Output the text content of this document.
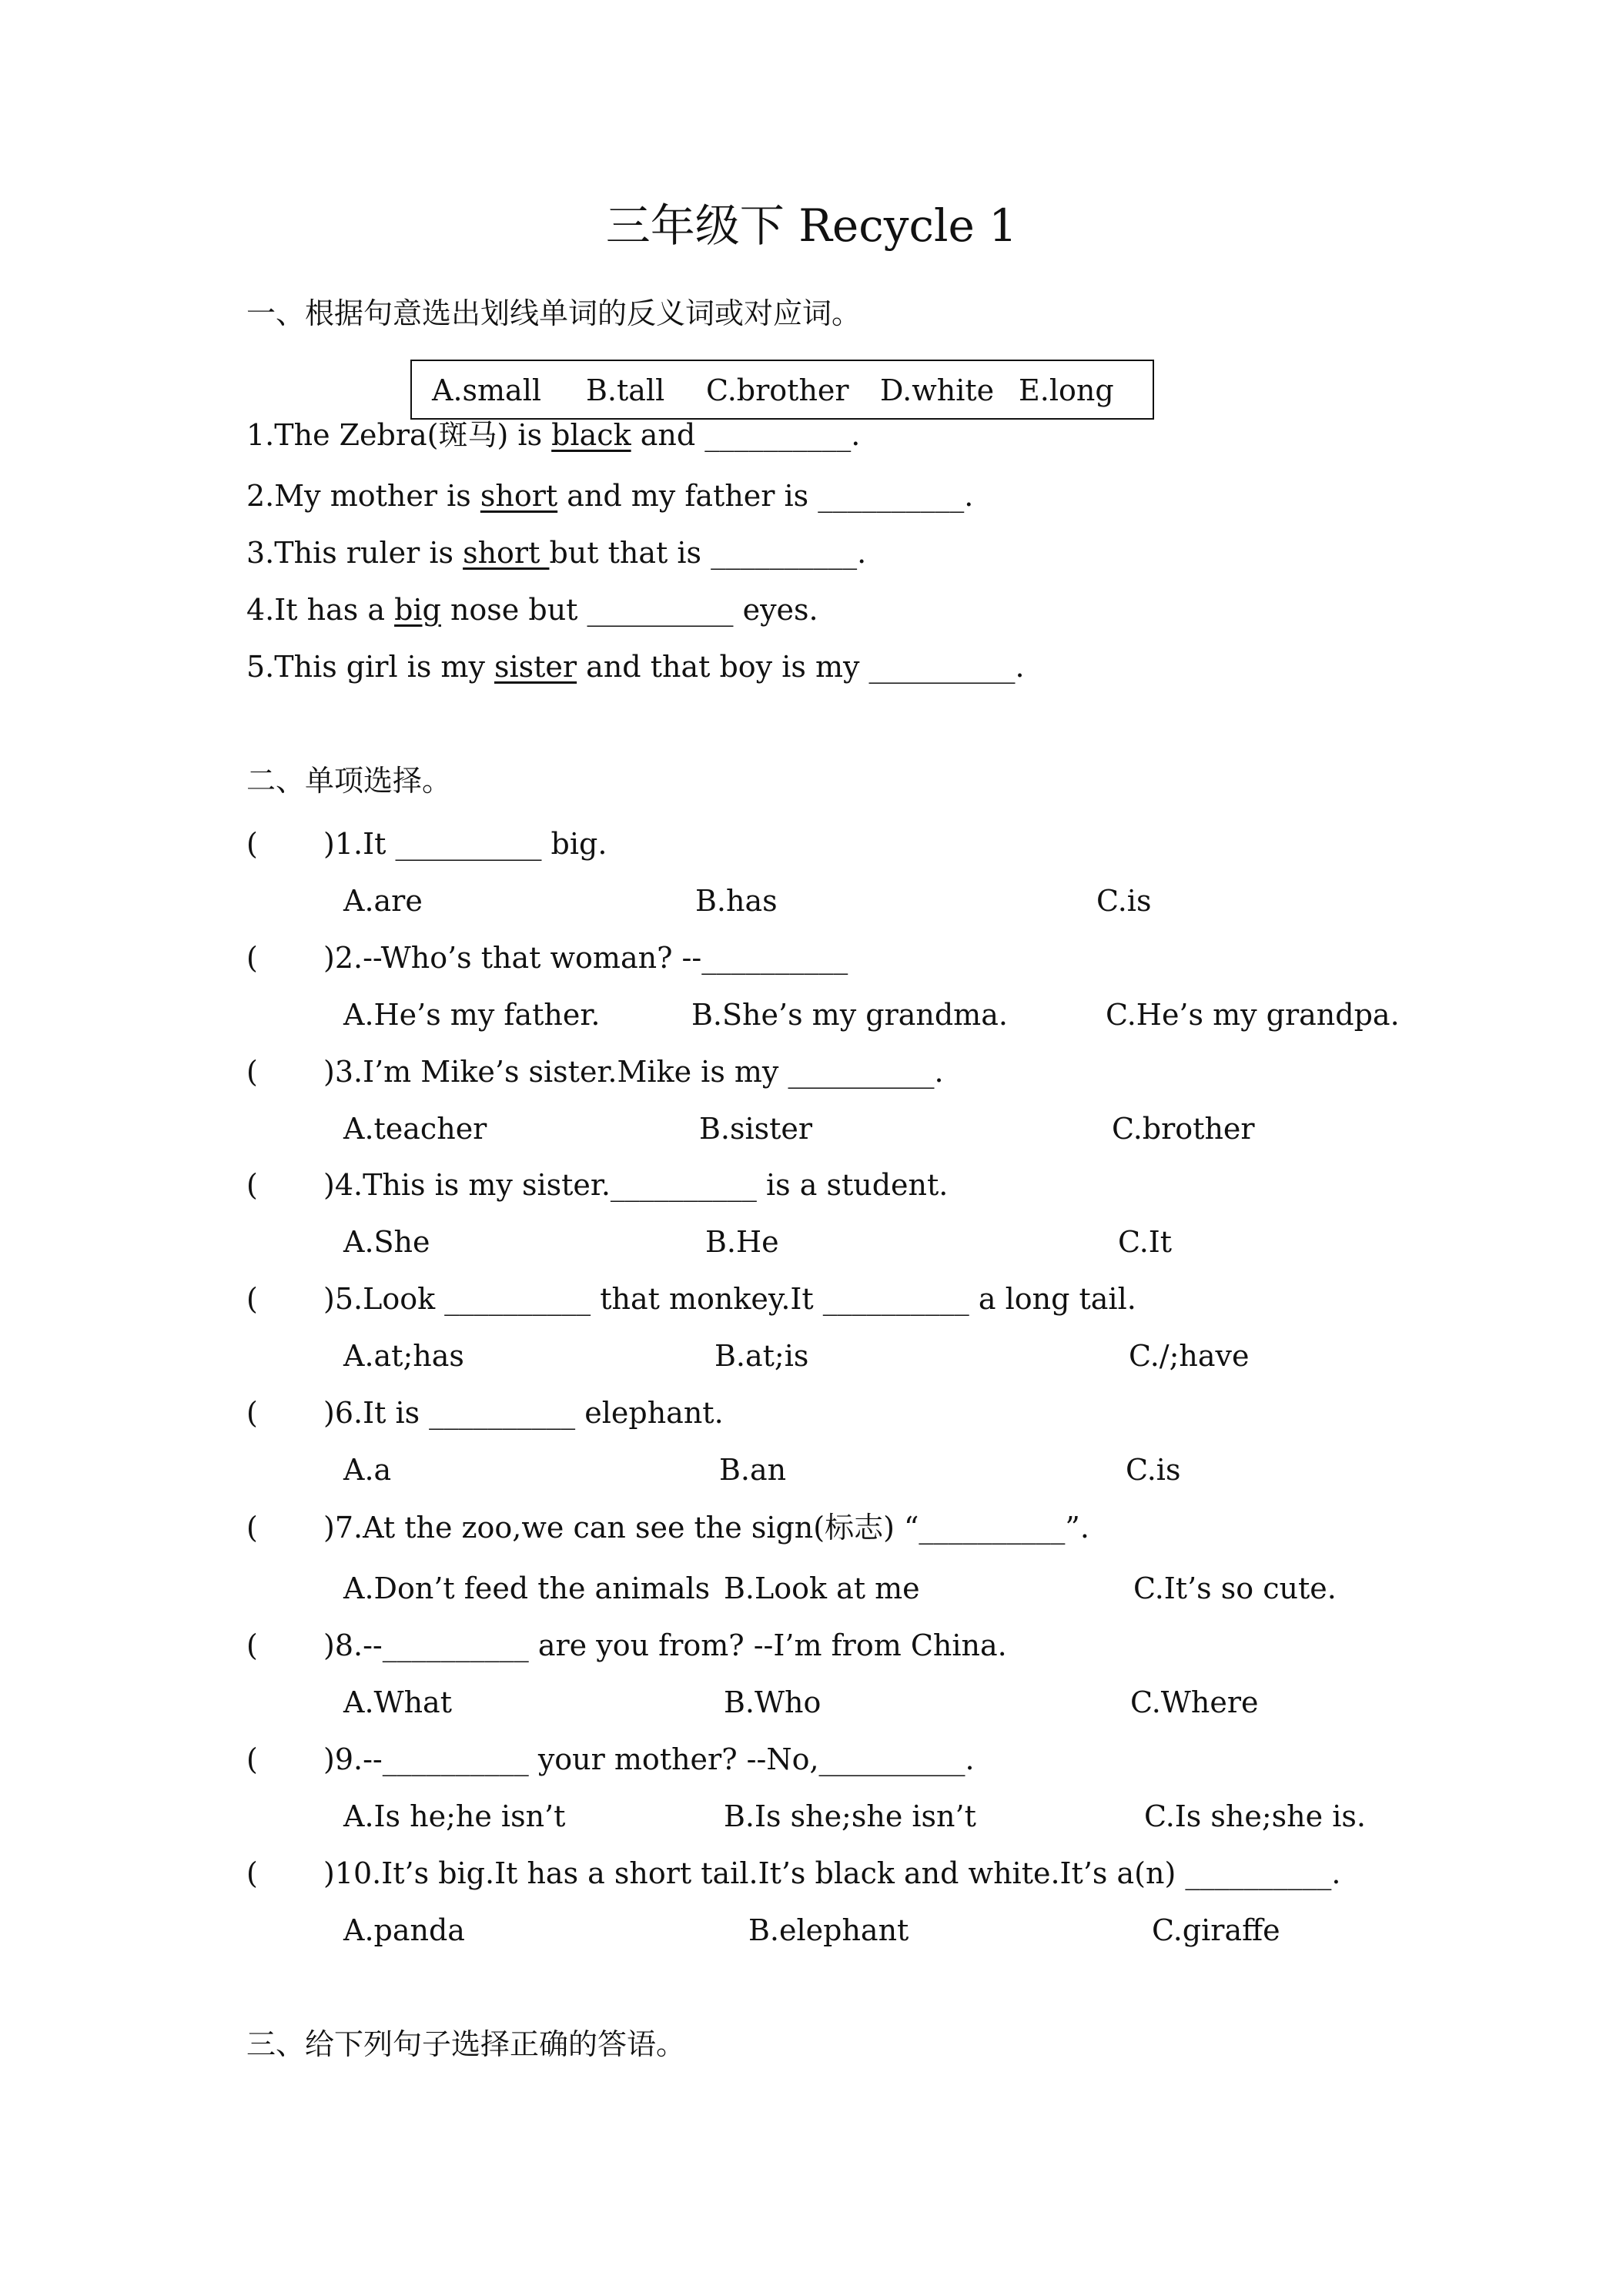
三年级下 Recycle 1
一、根据句意选出划线单词的反义词或对应词。
A.small B.tall C.brother D.white E.long
1.The Zebra(斑马) is black and __________.
2.My mother is short and my father is __________.
3.This ruler is short but that is __________.
4.It has a big nose but __________ eyes.
5.This girl is my sister and that boy is my __________.
二、单项选择。
( )1.It __________ big.
A.are	B.has	C.is
( )2.--Who’s that woman? --__________
A.He’s my father.	B.She’s my grandma.	C.He’s my grandpa.
( )3.I’m Mike’s sister.Mike is my __________.
A.teacher	B.sister	C.brother
( )4.This is my sister.__________ is a student.
A.She	B.He	C.It
( )5.Look __________ that monkey.It __________ a long tail.
A.at;has	B.at;is	C./;have
( )6.It is __________ elephant.
A.a	B.an	C.is
( )7.At the zoo,we can see the sign(标志) “__________”.
A.Don’t feed the animals B.Look at me	C.It’s so cute.
( )8.--__________ are you from? --I’m from China.
A.What	B.Who	C.Where
( )9.--__________ your mother? --No,__________.
A.Is he;he isn’t	B.Is she;she isn’t	C.Is she;she is.
( )10.It’s big.It has a short tail.It’s black and white.It’s a(n) __________.
A.panda	B.elephant	C.giraffe
三、给下列句子选择正确的答语。
